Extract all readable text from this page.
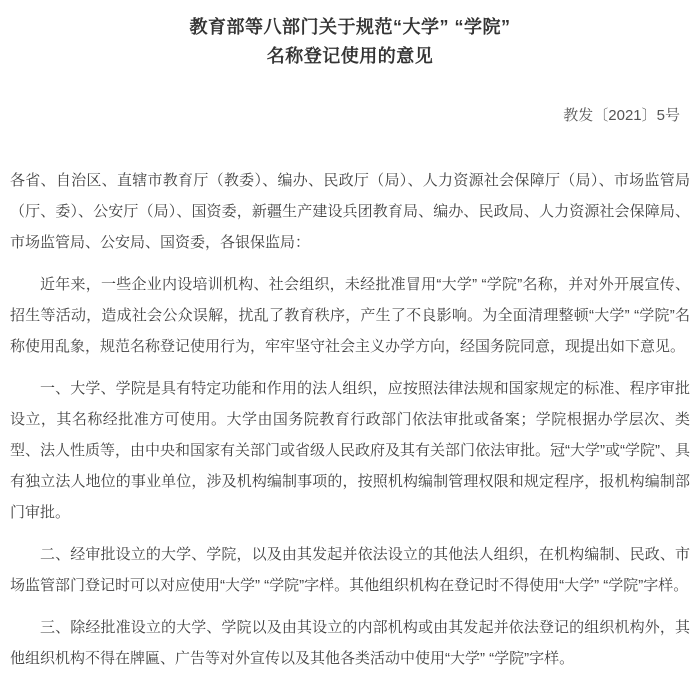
教育部等八部门关于规范“大学” “学院”
名称登记使用的意见
教发〔2021〕5号

各省、自治区、直辖市教育厅（教委）、编办、民政厅（局）、人力资源社会保障厅（局）、市场监管局（厅、委）、公安厅（局）、国资委，新疆生产建设兵团教育局、编办、民政局、人力资源社会保障局、市场监管局、公安局、国资委，各银保监局：

近年来，一些企业内设培训机构、社会组织，未经批准冒用“大学” “学院”名称，并对外开展宣传、招生等活动，造成社会公众误解，扰乱了教育秩序，产生了不良影响。为全面清理整顿“大学” “学院”名称使用乱象，规范名称登记使用行为，牢牢坚守社会主义办学方向，经国务院同意，现提出如下意见。

一、大学、学院是具有特定功能和作用的法人组织，应按照法律法规和国家规定的标准、程序审批设立，其名称经批准方可使用。大学由国务院教育行政部门依法审批或备案；学院根据办学层次、类型、法人性质等，由中央和国家有关部门或省级人民政府及其有关部门依法审批。冠“大学”或“学院”、具有独立法人地位的事业单位，涉及机构编制事项的，按照机构编制管理权限和规定程序，报机构编制部门审批。

二、经审批设立的大学、学院，以及由其发起并依法设立的其他法人组织，在机构编制、民政、市场监管部门登记时可以对应使用“大学” “学院”字样。其他组织机构在登记时不得使用“大学” “学院”字样。

三、除经批准设立的大学、学院以及由其设立的内部机构或由其发起并依法登记的组织机构外，其他组织机构不得在牌匾、广告等对外宣传以及其他各类活动中使用“大学” “学院”字样。
